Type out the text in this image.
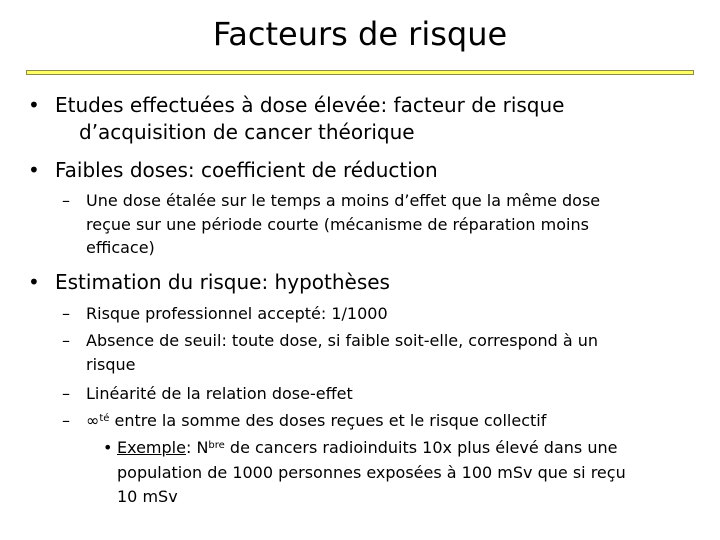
Facteurs de risque
• Etudes effectuées à dose élevée: facteur de risque
d’acquisition de cancer théorique
• Faibles doses: coefficient de réduction
– Une dose étalée sur le temps a moins d’effet que la même dose
reçue sur une période courte (mécanisme de réparation moins
efficace)
• Estimation du risque: hypothèses
– Risque professionnel accepté: 1/1000
– Absence de seuil: toute dose, si faible soit-elle, correspond à un
risque
– Linéarité de la relation dose-effet
– ∞$^{té}$ entre la somme des doses reçues et le risque collectif
• Exemple: $N^{bre}$ de cancers radioinduits 10x plus élevé dans une
population de 1000 personnes exposées à 100 mSv que si reçu
10 mSv
